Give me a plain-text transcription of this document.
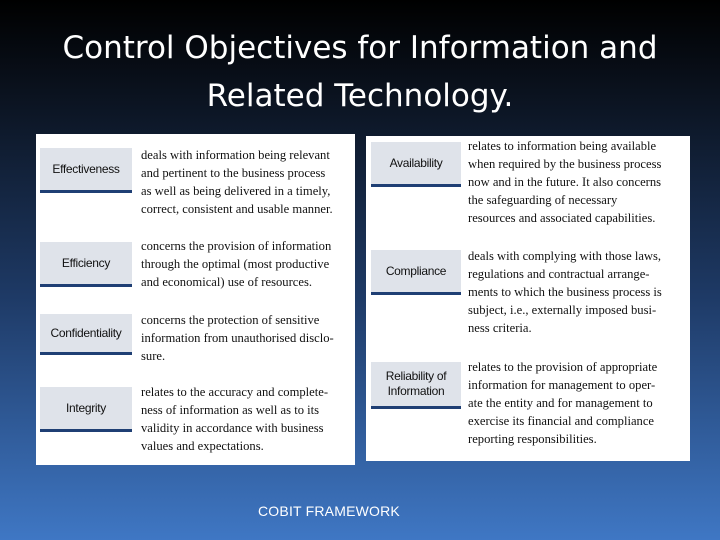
Control Objectives for Information and
Related Technology.
Effectiveness
deals with information being relevant
and pertinent to the business process
as well as being delivered in a timely,
correct, consistent and usable manner.
Efficiency
concerns the provision of information
through the optimal (most productive
and economical) use of resources.
Confidentiality
concerns the protection of sensitive
information from unauthorised disclo-
sure.
Integrity
relates to the accuracy and complete-
ness of information as well as to its
validity in accordance with business
values and expectations.
Availability
relates to information being available
when required by the business process
now and in the future. It also concerns
the safeguarding of necessary
resources and associated capabilities.
Compliance
deals with complying with those laws,
regulations and contractual arrange-
ments to which the business process is
subject, i.e., externally imposed busi-
ness criteria.
Reliability of
Information
relates to the provision of appropriate
information for management to oper-
ate the entity and for management to
exercise its financial and compliance
reporting responsibilities.
COBIT FRAMEWORK
